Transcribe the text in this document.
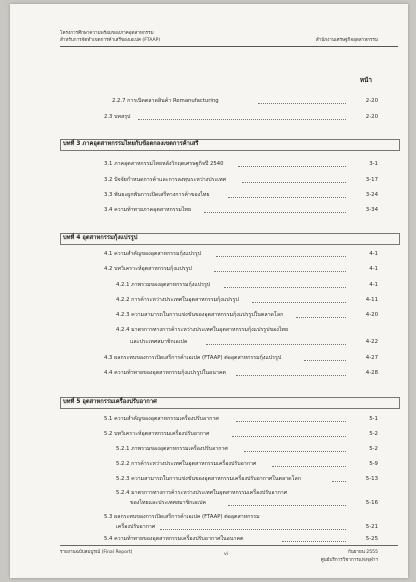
โครงการศึกษาความพร้อมของภาคอุตสาหกรรม
สำหรับการจัดทำเขตการค้าเสรีของเอเปค (FTAAP)	สำนักงานเศรษฐกิจอุตสาหกรรม
หน้า
2.2.7 การเปิดตลาดสินค้า Remanufacturing	2-20
2.3 บทสรุป	2-20
บทที่ 3 ภาคอุตสาหกรรมไทยกับข้อตกลงเขตการค้าเสรี
3.1 ภาคอุตสาหกรรมไทยหลังวิกฤตเศรษฐกิจปี 2540	3-1
3.2 ปัจจัยกำหนดการค้าและการลงทุนระหว่างประเทศ	3-17
3.3 พันธะผูกพันการเปิดเสรีทางการค้าของไทย	3-24
3.4 ความท้าทายภาคอุตสาหกรรมไทย	3-34
บทที่ 4 อุตสาหกรรมกุ้งแปรรูป
4.1 ความสำคัญของอุตสาหกรรมกุ้งแปรรูป	4-1
4.2 บทวิเคราะห์อุตสาหกรรมกุ้งแปรรูป	4-1
4.2.1 ภาพรวมของอุตสาหกรรมกุ้งแปรรูป	4-1
4.2.2 การค้าระหว่างประเทศในอุตสาหกรรมกุ้งแปรรูป	4-11
4.2.3 ความสามารถในการแข่งขันของอุตสาหกรรมกุ้งแปรรูปในตลาดโลก	4-20
4.2.4 มาตรการทางการค้าระหว่างประเทศในอุตสาหกรรมกุ้งแปรรูปของไทย
และประเทศสมาชิกเอเปค	4-22
4.3 ผลกระทบของการเปิดเสรีการค้าเอเปค (FTAAP) ต่ออุตสาหกรรมกุ้งแปรรูป	4-27
4.4 ความท้าทายของอุตสาหกรรมกุ้งแปรรูปในอนาคต	4-28
บทที่ 5 อุตสาหกรรมเครื่องปรับอากาศ
5.1 ความสำคัญของอุตสาหกรรมเครื่องปรับอากาศ	5-1
5.2 บทวิเคราะห์อุตสาหกรรมเครื่องปรับอากาศ	5-2
5.2.1 ภาพรวมของอุตสาหกรรมเครื่องปรับอากาศ	5-2
5.2.2 การค้าระหว่างประเทศในอุตสาหกรรมเครื่องปรับอากาศ	5-9
5.2.3 ความสามารถในการแข่งขันของอุตสาหกรรมเครื่องปรับอากาศในตลาดโลก	5-13
5.2.4 มาตรการทางการค้าระหว่างประเทศในอุตสาหกรรมเครื่องปรับอากาศ
ของไทยและประเทศสมาชิกเอเปค	5-16
5.3 ผลกระทบของการเปิดเสรีการค้าเอเปค (FTAAP) ต่ออุตสาหกรรม
เครื่องปรับอากาศ	5-21
5.4 ความท้าทายของอุตสาหกรรมเครื่องปรับอากาศในอนาคต	5-25
รายงานฉบับสมบูรณ์ (Final Report)	vi	กันยายน 2555
ศูนย์บริการวิชาการแห่งจุฬาฯ
